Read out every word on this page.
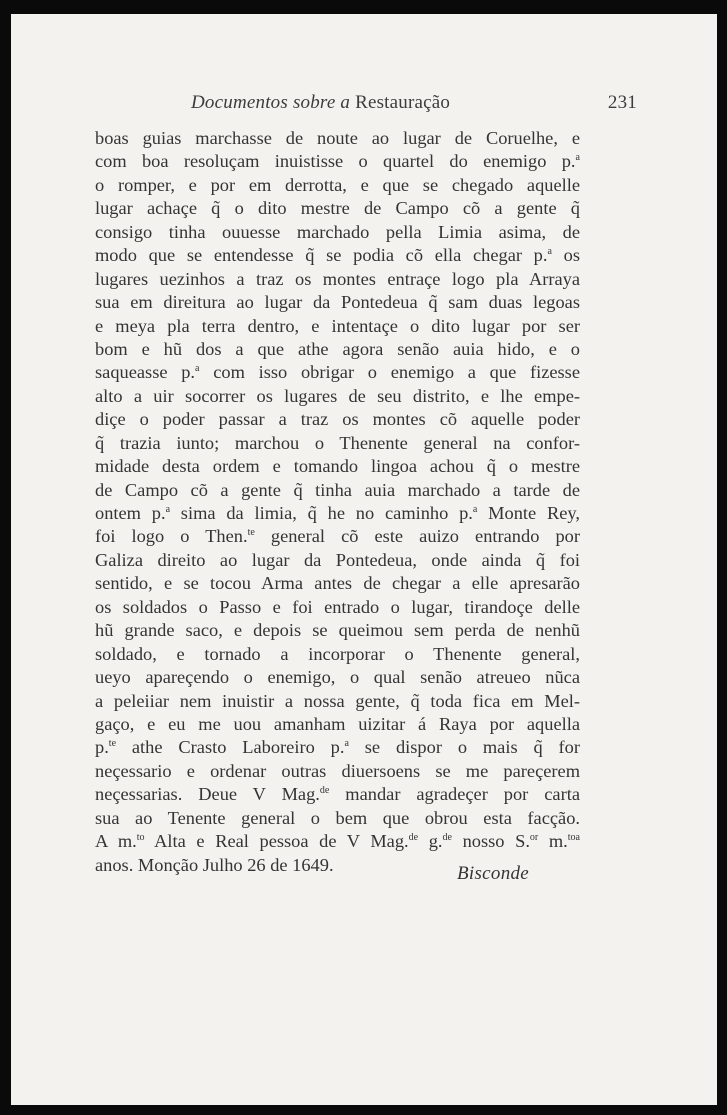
Documentos sobre a Restauração	231
boas guias marchasse de noute ao lugar de Coruelhe, e
com boa resoluçam inuistisse o quartel do enemigo p.$^a$
o romper, e por em derrotta, e que se chegado aquelle
lugar achaçe q̃ o dito mestre de Campo cõ a gente q̃
consigo tinha ouuesse marchado pella Limia asima, de
modo que se entendesse q̃ se podia cõ ella chegar p.$^a$ os
lugares uezinhos a traz os montes entraçe logo pla Arraya
sua em direitura ao lugar da Pontedeua q̃ sam duas legoas
e meya pla terra dentro, e intentaçe o dito lugar por ser
bom e hũ dos a que athe agora senão auia hido, e o
saqueasse p.$^a$ com isso obrigar o enemigo a que fizesse
alto a uir socorrer os lugares de seu distrito, e lhe empe-
diçe o poder passar a traz os montes cõ aquelle poder
q̃ trazia iunto; marchou o Thenente general na confor-
midade desta ordem e tomando lingoa achou q̃ o mestre
de Campo cõ a gente q̃ tinha auia marchado a tarde de
ontem p.$^a$ sima da limia, q̃ he no caminho p.$^a$ Monte Rey,
foi logo o Then.$^{te}$ general cõ este auizo entrando por
Galiza direito ao lugar da Pontedeua, onde ainda q̃ foi
sentido, e se tocou Arma antes de chegar a elle apresarão
os soldados o Passo e foi entrado o lugar, tirandoçe delle
hũ grande saco, e depois se queimou sem perda de nenhũ
soldado, e tornado a incorporar o Thenente general,
ueyo apareçendo o enemigo, o qual senão atreueo nũca
a peleiiar nem inuistir a nossa gente, q̃ toda fica em Mel-
gaço, e eu me uou amanham uizitar á Raya por aquella
p.$^{te}$ athe Crasto Laboreiro p.$^a$ se dispor o mais q̃ for
neçessario e ordenar outras diuersoens se me pareçerem
neçessarias. Deue V Mag.$^{de}$ mandar agradeçer por carta
sua ao Tenente general o bem que obrou esta facção.
A m.$^{to}$ Alta e Real pessoa de V Mag.$^{de}$ g.$^{de}$ nosso S.$^{or}$ m.$^{toa}$
anos. Monção Julho 26 de 1649.	Bisconde
